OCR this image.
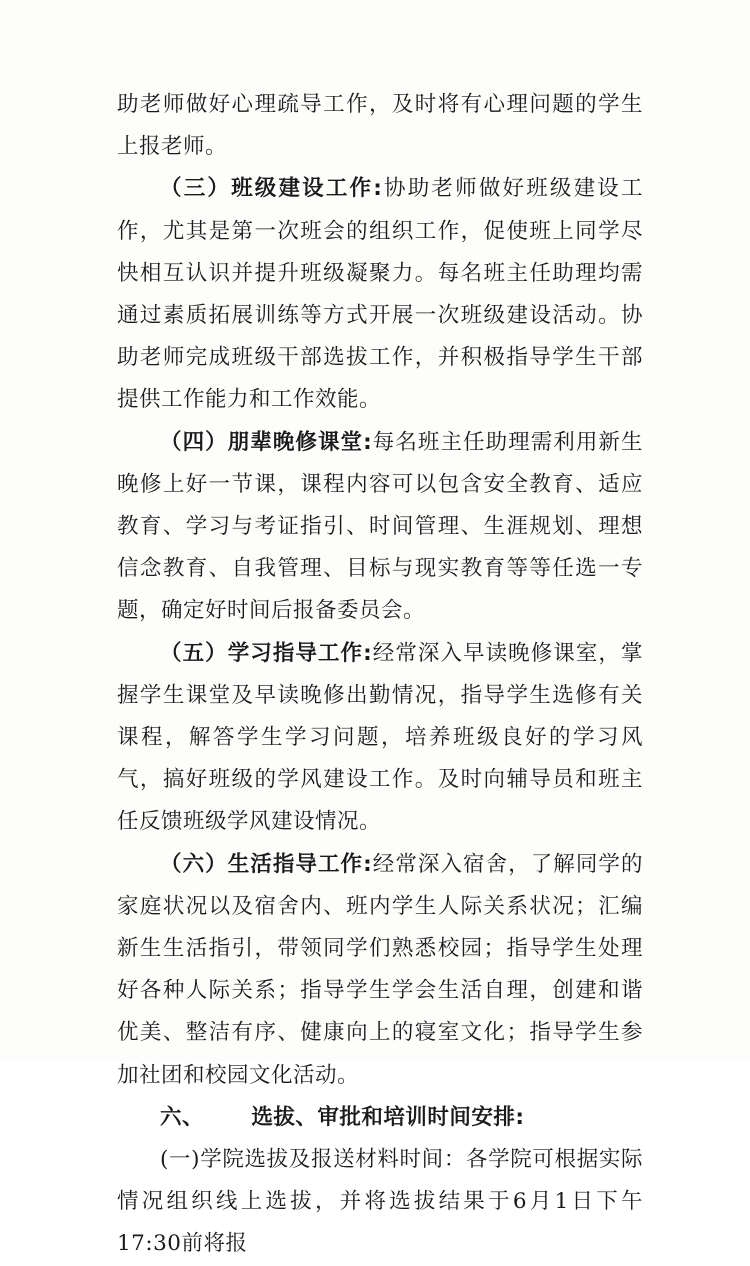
助老师做好心理疏导工作，及时将有心理问题的学生上报老师。

（三）班级建设工作:协助老师做好班级建设工作，尤其是第一次班会的组织工作，促使班上同学尽快相互认识并提升班级凝聚力。每名班主任助理均需通过素质拓展训练等方式开展一次班级建设活动。协助老师完成班级干部选拔工作，并积极指导学生干部提供工作能力和工作效能。

（四）朋辈晚修课堂:每名班主任助理需利用新生晚修上好一节课，课程内容可以包含安全教育、适应教育、学习与考证指引、时间管理、生涯规划、理想信念教育、自我管理、目标与现实教育等等任选一专题，确定好时间后报备委员会。

（五）学习指导工作:经常深入早读晚修课室，掌握学生课堂及早读晚修出勤情况，指导学生选修有关课程，解答学生学习问题，培养班级良好的学习风气，搞好班级的学风建设工作。及时向辅导员和班主任反馈班级学风建设情况。

（六）生活指导工作:经常深入宿舍，了解同学的家庭状况以及宿舍内、班内学生人际关系状况；汇编新生生活指引，带领同学们熟悉校园；指导学生处理好各种人际关系；指导学生学会生活自理，创建和谐优美、整洁有序、健康向上的寝室文化；指导学生参加社团和校园文化活动。

六、 选拔、审批和培训时间安排:

(一)学院选拔及报送材料时间：各学院可根据实际情况组织线上选拔，并将选拔结果于6月1日下午17:30前将报
